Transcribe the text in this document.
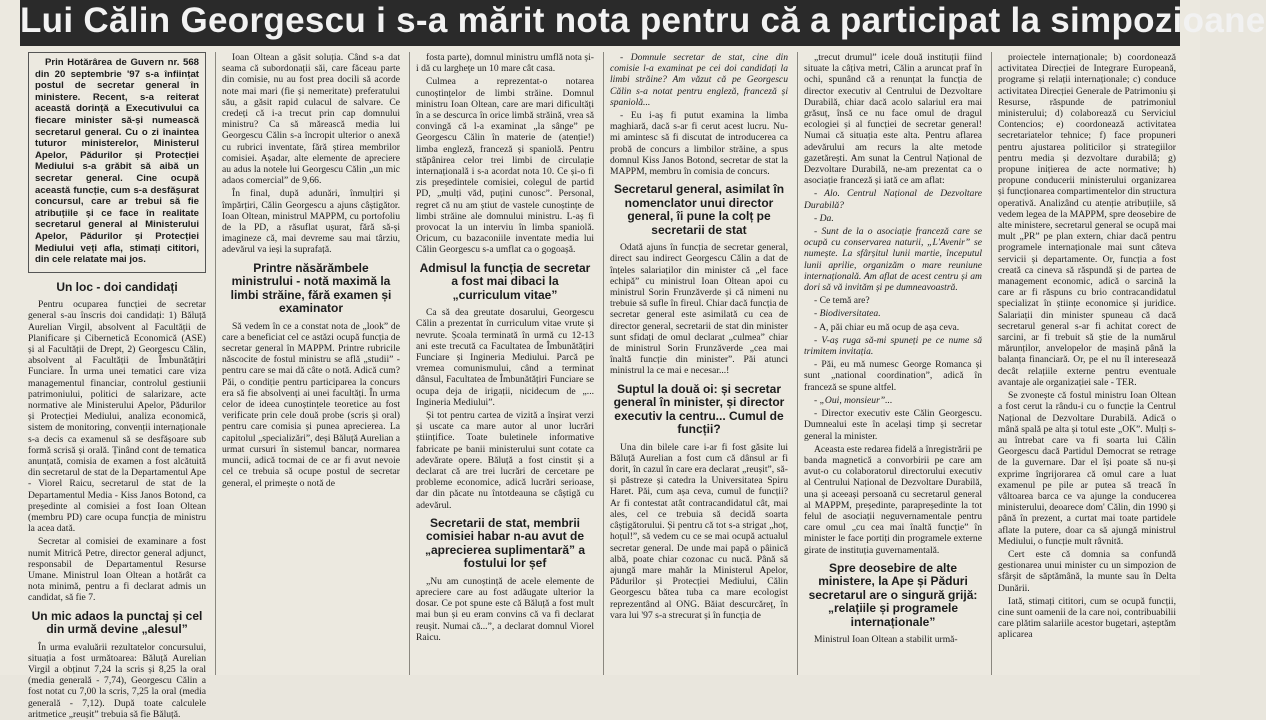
Lui Călin Georgescu i s-a mărit nota pentru că a participat la simpozioane

Prin Hotărârea de Guvern nr. 568 din 20 septembrie '97 s-a înființat postul de secretar general în ministere. Recent, s-a reiterat această dorință a Executivului ca fiecare minister să-și numească secretarul general. Cu o zi înaintea tuturor ministerelor, Ministerul Apelor, Pădurilor și Protecției Mediului s-a grăbit să aibă un secretar general. Cine ocupă această funcție, cum s-a desfășurat concursul, care ar trebui să fie atribuțiile și ce face în realitate secretarul general al Ministerului Apelor, Pădurilor și Protecției Mediului veți afla, stimați cititori, din cele relatate mai jos.

Un loc - doi candidați

Pentru ocuparea funcției de secretar general s-au înscris doi candidați: 1) Băluță Aurelian Virgil, absolvent al Facultății de Planificare și Cibernetică Economică (ASE) și al Facultății de Drept, 2) Georgescu Călin, absolvent al Facultății de Îmbunătățiri Funciare. În urma unei tematici care viza managementul financiar, controlul gestiunii patrimoniului, politici de salarizare, acte normative ale Ministerului Apelor, Pădurilor și Protecției Mediului, analiza economică, sistem de monitoring, convenții internaționale s-a decis ca examenul să se desfășoare sub formă scrisă și orală. Ținând cont de tematica anunțată, comisia de examen a fost alcătuită din secretarul de stat de la Departamentul Ape - Viorel Raicu, secretarul de stat de la Departamentul Media - Kiss Janos Botond, ca președinte al comisiei a fost Ioan Oltean (membru PD) care ocupa funcția de ministru la acea dată.

Secretar al comisiei de examinare a fost numit Mitrică Petre, director general adjunct, responsabil de Departamentul Resurse Umane. Ministrul Ioan Oltean a hotărât ca nota minimă, pentru a fi declarat admis un candidat, să fie 7.

Un mic adaos la punctaj și cel din urmă devine „alesul”

În urma evaluării rezultatelor concursului, situația a fost următoarea: Băluță Aurelian Virgil a obținut 7,24 la scris și 8,25 la oral (media generală - 7,74), Georgescu Călin a fost notat cu 7,00 la scris, 7,25 la oral (media generală - 7,12). După toate calculele aritmetice „reușit” trebuia să fie Băluță.

Ioan Oltean a găsit soluția. Când s-a dat seama că subordonații săi, care făceau parte din comisie, nu au fost prea docili să acorde note mai mari (fie și nemeritate) preferatului său, a găsit rapid culacul de salvare. Ce credeți că i-a trecut prin cap domnului ministru? Ca să mărească media lui Georgescu Călin s-a încropit ulterior o anexă cu rubrici inventate, fără știrea membrilor comisiei. Așadar, alte elemente de apreciere au adus la notele lui Georgescu Călin „un mic adaos comercial” de 9,66.

În final, după adunări, înmulțiri și împărțiri, Călin Georgescu a ajuns câștigător. Ioan Oltean, ministrul MAPPM, cu portofoliu de la PD, a răsuflat ușurat, fără să-și imagineze că, mai devreme sau mai târziu, adevărul va ieși la suprafață.

Printre năsărămbele ministrului - notă maximă la limbi străine, fără examen și examinator

Să vedem în ce a constat nota de „look” de care a beneficiat cel ce astăzi ocupă funcția de secretar general în MAPPM. Printre rubricile născocite de fostul ministru se află „studii” - pentru care se mai dă câte o notă. Adică cum? Păi, o condiție pentru participarea la concurs era să fie absolvenți ai unei facultăți. În urma celor de ideea cunoștințele teoretice au fost verificate prin cele două probe (scris și oral) pentru care comisia și punea aprecierea. La capitolul „specializări”, deși Băluță Aurelian a urmat cursuri în sistemul bancar, normarea muncii, adică tocmai de ce ar fi avut nevoie cel ce trebuia să ocupe postul de secretar general, el primește o notă de

fosta parte), domnul ministru umflă nota și-i dă cu largheţe un 10 mare cât casa.

Culmea a reprezentat-o notarea cunoștințelor de limbi străine. Domnul ministru Ioan Oltean, care are mari dificultăți în a se descurca în orice limbă străină, vrea să convingă că l-a examinat „la sânge” pe Georgescu Călin în materie de (atenție!) limba engleză, franceză și spaniolă. Pentru stăpânirea celor trei limbi de circulație internațională i s-a acordat nota 10. Ce și-o fi zis președintele comisiei, colegul de partid PD, „mulți văd, puțini cunosc”. Personal, regret că nu am știut de vastele cunoștințe de limbi străine ale domnului ministru. L-aș fi provocat la un interviu în limba spaniolă. Oricum, cu bazaconiile inventate media lui Călin Georgescu s-a umflat ca o gogoașă.

Admisul la funcția de secretar a fost mai dibaci la „curriculum vitae”

Ca să dea greutate dosarului, Georgescu Călin a prezentat în curriculum vitae vrute și nevrute. Școala terminată în urmă cu 12-13 ani este trecută ca Facultatea de Îmbunătățiri Funciare și Ingineria Mediului. Parcă pe vremea comunismului, când a terminat dânsul, Facultatea de Îmbunătățiri Funciare se ocupa deja de irigații, nicidecum de „... Ingineria Mediului”.

Și tot pentru cartea de vizită a înșirat verzi și uscate ca mare autor al unor lucrări științifice. Toate buletinele informative fabricate pe banii ministerului sunt cotate ca adevărate opere. Băluță a fost cinstit și a declarat că are trei lucrări de cercetare pe probleme economice, adică lucrări serioase, dar din păcate nu întotdeauna se câștigă cu adevărul.

Secretarii de stat, membrii comisiei habar n-au avut de „aprecierea suplimentară” a fostului lor șef

„Nu am cunoștință de acele elemente de apreciere care au fost adăugate ulterior la dosar. Ce pot spune este că Băluță a fost mult mai bun și eu eram convins că va fi declarat reușit. Numai că...”, a declarat domnul Viorel Raicu.

- Domnule secretar de stat, cine din comisie l-a examinat pe cei doi candidați la limbi străine? Am văzut că pe Georgescu Călin s-a notat pentru engleză, franceză și spaniolă...

- Eu i-aș fi putut examina la limba maghiară, dacă s-ar fi cerut acest lucru. Nu-mi amintesc să fi discutat de introducerea ca probă de concurs a limbilor străine, a spus domnul Kiss Janos Botond, secretar de stat la MAPPM, membru în comisia de concurs.

Secretarul general, asimilat în nomenclator unui director general, îi pune la colț pe secretarii de stat

Odată ajuns în funcția de secretar general, direct sau indirect Georgescu Călin a dat de înțeles salariaților din minister că „el face echipă” cu ministrul Ioan Oltean apoi cu ministrul Sorin Frunzăverde și că nimeni nu trebuie să sufle în fireul. Chiar dacă funcția de secretar general este asimilată cu cea de director general, secretarii de stat din minister sunt sfidați de omul declarat „culmea” chiar de ministrul Sorin Frunzăverde „cea mai înaltă funcție din minister”. Păi atunci ministrul la ce mai e necesar...!

Suptul la două oi: și secretar general în minister, și director executiv la centru... Cumul de funcții?

Una din bilele care i-ar fi fost găsite lui Băluță Aurelian a fost cum că dânsul ar fi dorit, în cazul în care era declarat „reușit”, să-și păstreze și catedra la Universitatea Spiru Haret. Păi, cum așa ceva, cumul de funcții? Ar fi contestat atât contracandidatul cât, mai ales, cel ce trebuia să decidă soarta câștigătorului. Și pentru că tot s-a strigat „hoț, hoțul!”, să vedem cu ce se mai ocupă actualul secretar general. De unde mai papă o pâinică albă, poate chiar cozonac cu nucă. Până să ajungă mare mahăr la Ministerul Apelor, Pădurilor și Protecției Mediului, Călin Georgescu bătea tuba ca mare ecologist reprezentând al ONG. Băiat descurcăreț, în vara lui '97 s-a strecurat și în funcția de

„trecut drumul” icele două instituții fiind situate la câțiva metri, Călin a aruncat praf în ochi, spunând că a renunțat la funcția de director executiv al Centrului de Dezvoltare Durabilă, chiar dacă acolo salariul era mai grăsuț, însă ce nu face omul de dragul ecologiei și al funcției de secretar general! Numai că situația este alta. Pentru aflarea adevărului am recurs la alte metode gazetărești. Am sunat la Centrul Național de Dezvoltare Durabilă, ne-am prezentat ca o asociație franceză și iată ce am aflat:

- Alo. Centrul Național de Dezvoltare Durabilă?

- Da.

- Sunt de la o asociație franceză care se ocupă cu conservarea naturii, „L'Avenir” se numește. La sfârșitul lunii martie, începutul lunii aprilie, organizăm o mare reuniune internațională. Am aflat de acest centru și am dori să vă invităm și pe dumneavoastră.

- Ce temă are?

- Biodiversitatea.

- A, păi chiar eu mă ocup de așa ceva.

- V-aș ruga să-mi spuneți pe ce nume să trimitem invitația.

- Păi, eu mă numesc George Romanca și sunt „national coordination”, adică în franceză se spune altfel.

- „Oui, monsieur”...

- Director executiv este Călin Georgescu. Dumnealui este în același timp și secretar general la minister.

Aceasta este redarea fidelă a înregistrării pe banda magnetică a convorbirii pe care am avut-o cu colaboratorul directorului executiv al Centrului Național de Dezvoltare Durabilă, una și aceeași persoană cu secretarul general al MAPPM, președinte, parapreședinte la tot felul de asociații neguvernamentale pentru care omul „cu cea mai înaltă funcție” în minister le face portiți din programele externe girate de instituția guvernamentală.

Spre deosebire de alte ministere, la Ape și Păduri secretarul are o singură grijă: „relațiile și programele internaționale”

Ministrul Ioan Oltean a stabilit urmă-

proiectele internaționale; b) coordonează activitatea Direcției de Integrare Europeană, programe și relații internaționale; c) conduce activitatea Direcției Generale de Patrimoniu și Resurse, răspunde de patrimoniul ministerului; d) colaborează cu Serviciul Contencios; e) coordonează activitatea secretariatelor tehnice; f) face propuneri pentru ajustarea politicilor și strategiilor pentru media și dezvoltare durabilă; g) propune inițierea de acte normative; h) propune conducerii ministerului organizarea și funcționarea compartimentelor din structura operativă. Analizând cu atenție atribuțiile, să vedem legea de la MAPPM, spre deosebire de alte ministere, secretarul general se ocupă mai mult „PR” pe plan extern, chiar dacă pentru programele internaționale mai sunt câteva servicii și departamente. Or, funcția a fost creată ca cineva să răspundă și de partea de management economic, adică o sarcină la care ar fi răspuns cu brio contracandidatul specializat în științe economice și juridice. Salariații din minister spuneau că dacă secretarul general s-ar fi achitat corect de sarcini, ar fi trebuit să știe de la numărul mărunților, anvelopelor de mașină până la balanța financiară. Or, pe el nu îl interesează decât relațiile externe pentru eventuale avantaje ale organizației sale - TER.

Se zvonește că fostul ministru Ioan Oltean a fost cerut la rându-i cu o funcție la Centrul Național de Dezvoltare Durabilă. Adică o mână spală pe alta și totul este „OK”. Mulți s-au întrebat care va fi soarta lui Călin Georgescu dacă Partidul Democrat se retrage de la guvernare. Dar el își poate să nu-și exprime îngrijorarea că omul care a luat examenul pe pile ar putea să treacă în vâltoarea barca ce va ajunge la conducerea ministerului, deoarece dom' Călin, din 1990 și până în prezent, a curtat mai toate partidele aflate la putere, doar ca să ajungă ministrul Mediului, o funcție mult râvnită.

Cert este că domnia sa confundă gestionarea unui minister cu un simpozion de sfârșit de săptămână, la munte sau în Delta Dunării.

Iată, stimați cititori, cum se ocupă funcții, cine sunt oamenii de la care noi, contribuabilii care plătim salariile acestor bugetari, așteptăm aplicarea
